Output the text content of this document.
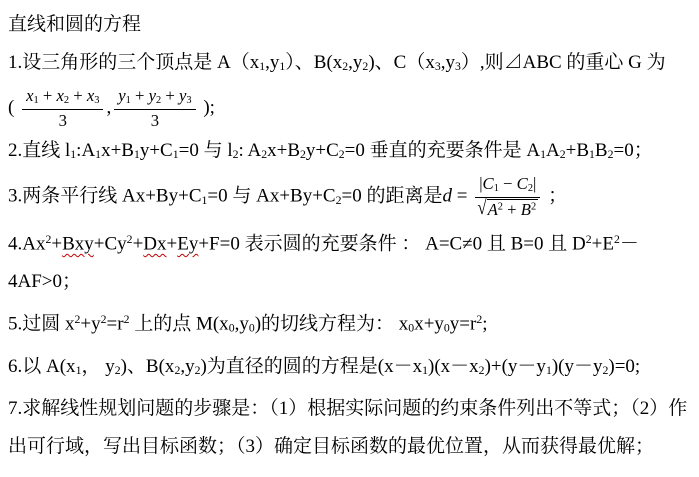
直线和圆的方程
1.设三角形的三个顶点是 A（x1,y1）、B(x2,y2)、C（x3,y3）,则⊿ABC 的重心 G 为
( $\frac{x1 + x2 + x3}{3}$ , $\frac{y1 + y2 + y3}{3}$ );
2.直线 l1:A1x+B1y+C1=0 与 l2: A2x+B2y+C2=0 垂直的充要条件是 A1A2+B1B2=0；
3.两条平行线 Ax+By+C1=0 与 Ax+By+C2=0 的距离是$d = \frac{|C1 - C2|}{√A^2 + B^2}$ ；
$4.Ax^2+Bxy+Cy^2+Dx+Ey+F=0$ 表示圆的充要条件 ： A=C≠0 且 B=0 且 $D^2+E^2-$
4AF>0；
5.过圆 $x^2+y^2=r^2$ 上的点 M(x0,y0)的切线方程为： $x0x+y0y=r^2$;
6.以 A(x1， y2)、B(x2,y2)为直径的圆的方程是(x－x1)(x－x2)+(y－y1)(y－y2)=0;
7.求解线性规划问题的步骤是：（1）根据实际问题的约束条件列出不等式；（2）作出可行域，写出目标函数；（3）确定目标函数的最优位置，从而获得最优解；
